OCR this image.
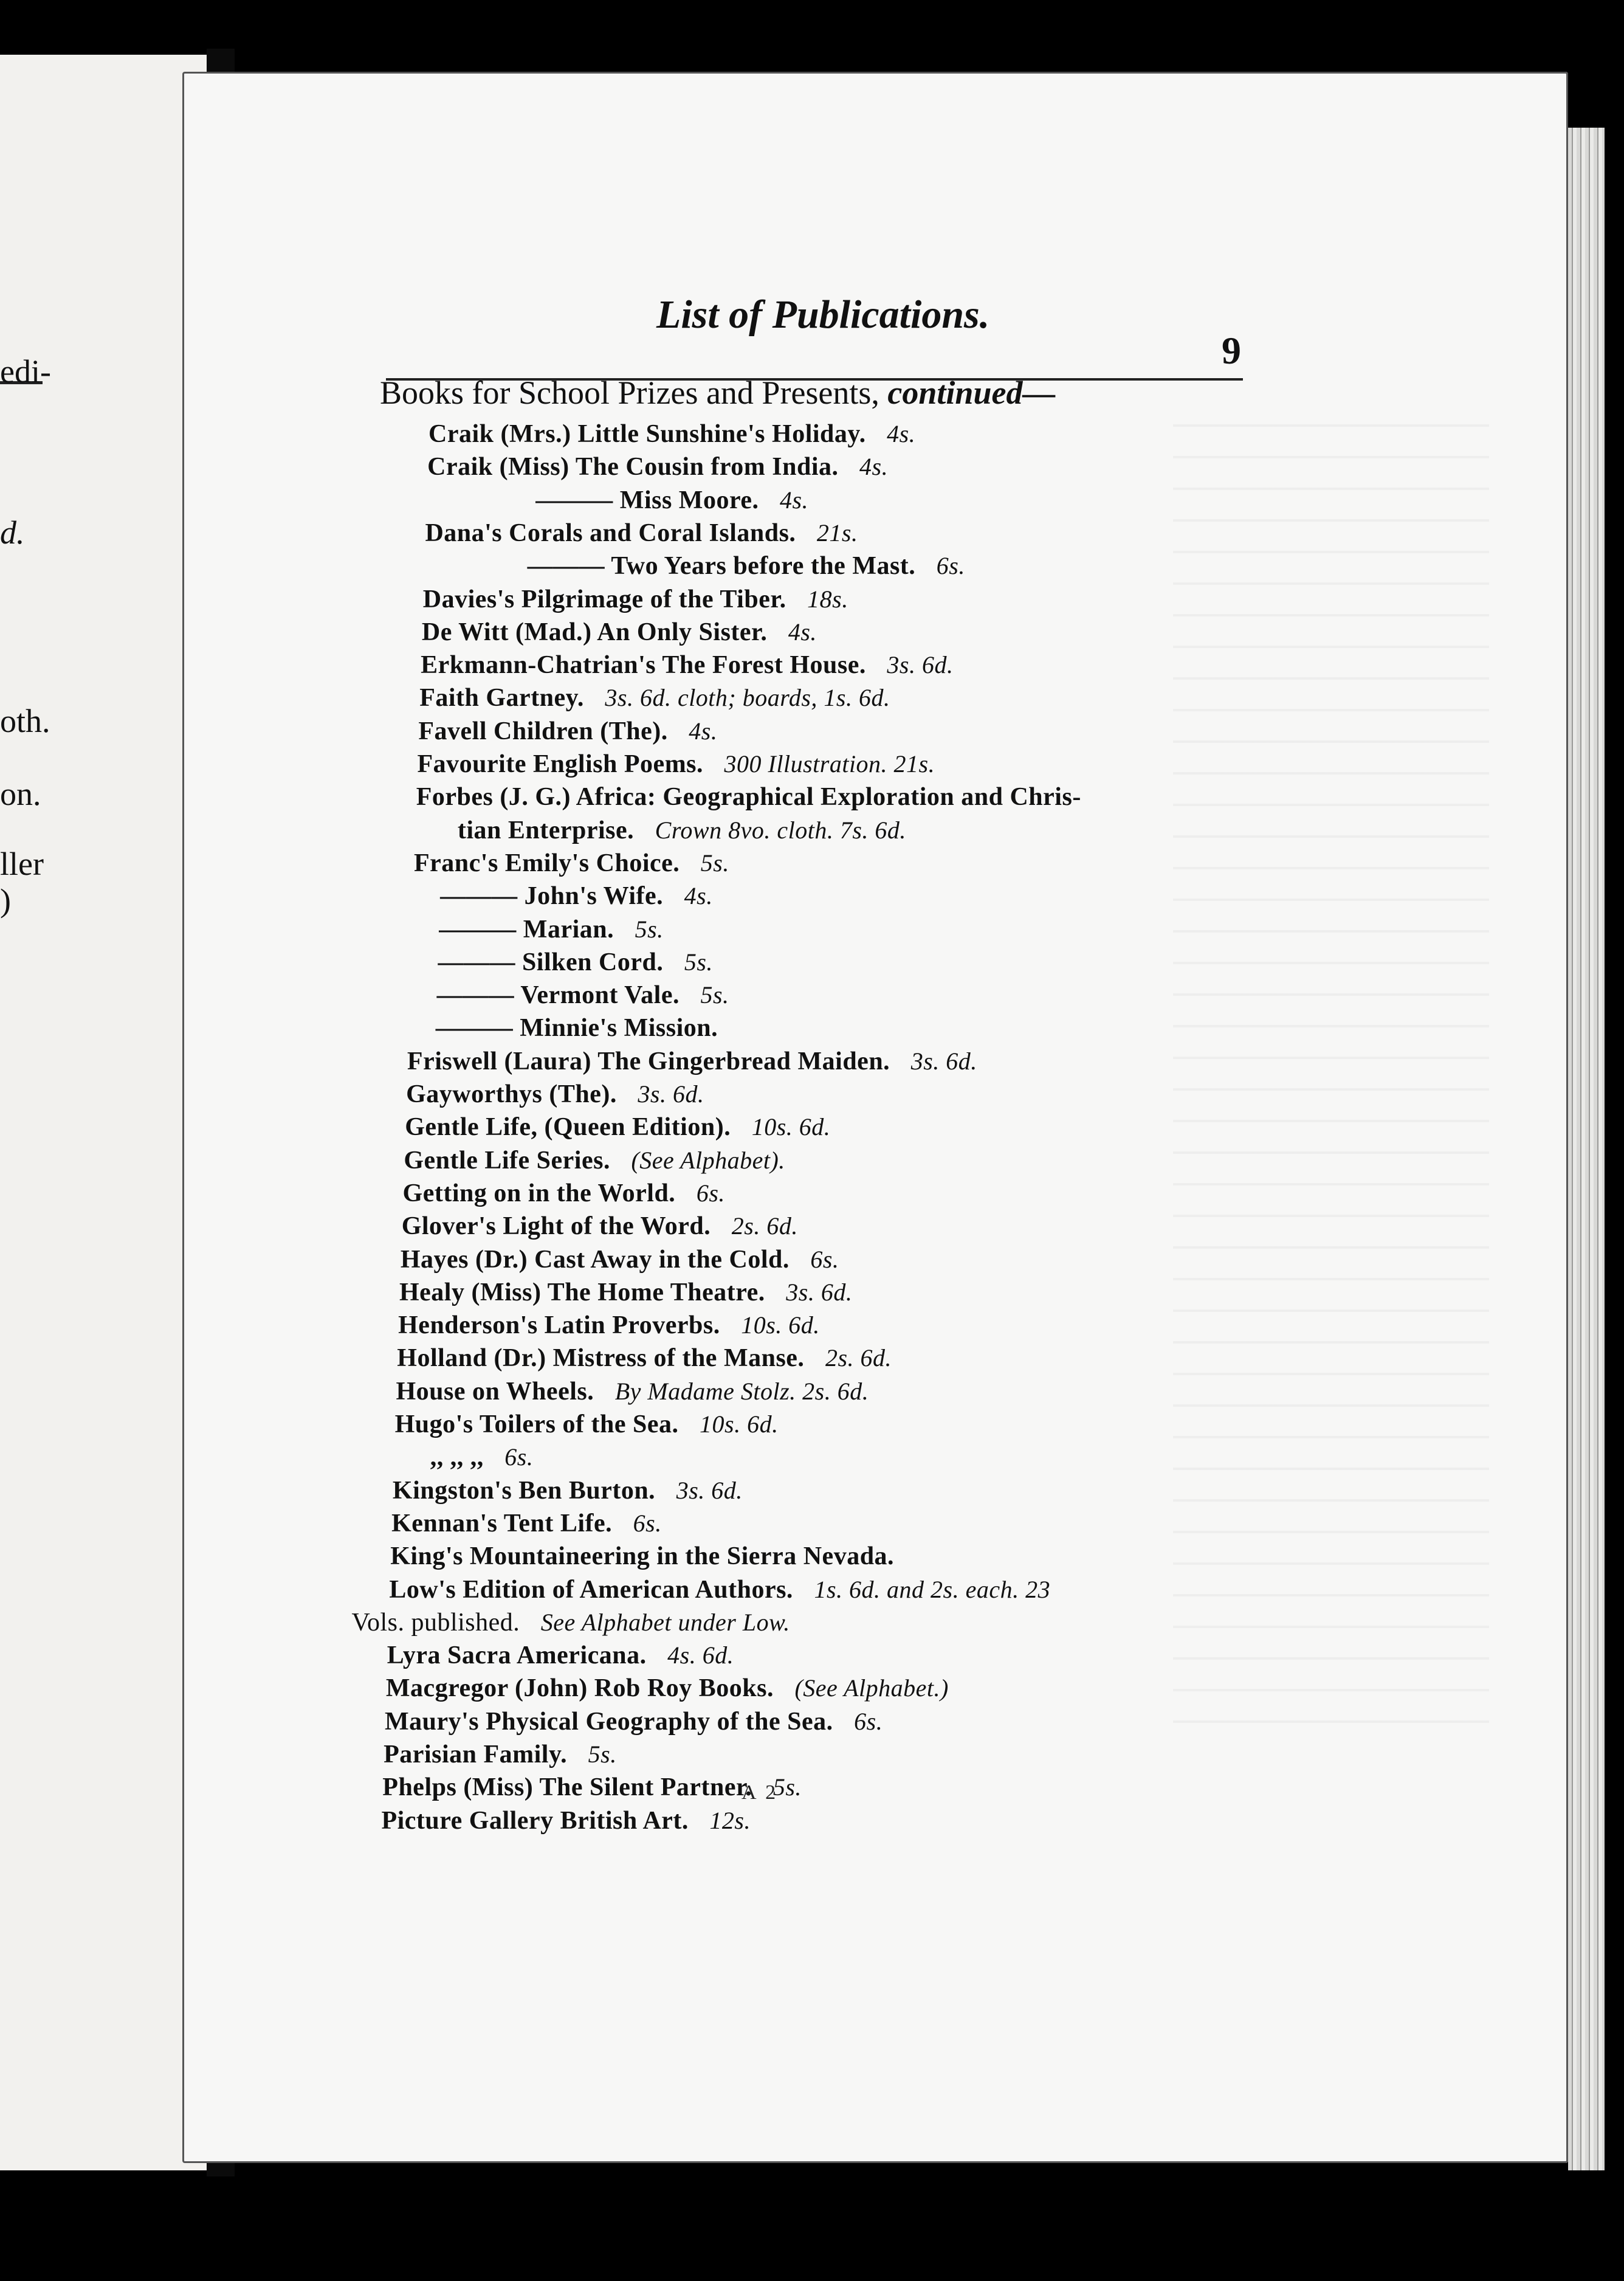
edi-
d.
oth.
on.
ller
)
List of Publications.
9
Books for School Prizes and Presents, continued—
Craik (Mrs.) Little Sunshine's Holiday. 4s.
Craik (Miss) The Cousin from India. 4s.
——— Miss Moore. 4s.
Dana's Corals and Coral Islands. 21s.
——— Two Years before the Mast. 6s.
Davies's Pilgrimage of the Tiber. 18s.
De Witt (Mad.) An Only Sister. 4s.
Erkmann-Chatrian's The Forest House. 3s. 6d.
Faith Gartney. 3s. 6d. cloth; boards, 1s. 6d.
Favell Children (The). 4s.
Favourite English Poems. 300 Illustration. 21s.
Forbes (J. G.) Africa: Geographical Exploration and Chris-
tian Enterprise. Crown 8vo. cloth. 7s. 6d.
Franc's Emily's Choice. 5s.
——— John's Wife. 4s.
——— Marian. 5s.
——— Silken Cord. 5s.
——— Vermont Vale. 5s.
——— Minnie's Mission.
Friswell (Laura) The Gingerbread Maiden. 3s. 6d.
Gayworthys (The). 3s. 6d.
Gentle Life, (Queen Edition). 10s. 6d.
Gentle Life Series. (See Alphabet).
Getting on in the World. 6s.
Glover's Light of the Word. 2s. 6d.
Hayes (Dr.) Cast Away in the Cold. 6s.
Healy (Miss) The Home Theatre. 3s. 6d.
Henderson's Latin Proverbs. 10s. 6d.
Holland (Dr.) Mistress of the Manse. 2s. 6d.
House on Wheels. By Madame Stolz. 2s. 6d.
Hugo's Toilers of the Sea. 10s. 6d.
,, ,, ,, 6s.
Kingston's Ben Burton. 3s. 6d.
Kennan's Tent Life. 6s.
King's Mountaineering in the Sierra Nevada.
Low's Edition of American Authors. 1s. 6d. and 2s. each. 23
Vols. published. See Alphabet under Low.
Lyra Sacra Americana. 4s. 6d.
Macgregor (John) Rob Roy Books. (See Alphabet.)
Maury's Physical Geography of the Sea. 6s.
Parisian Family. 5s.
Phelps (Miss) The Silent Partner. 5s.
Picture Gallery British Art. 12s.
A 2
